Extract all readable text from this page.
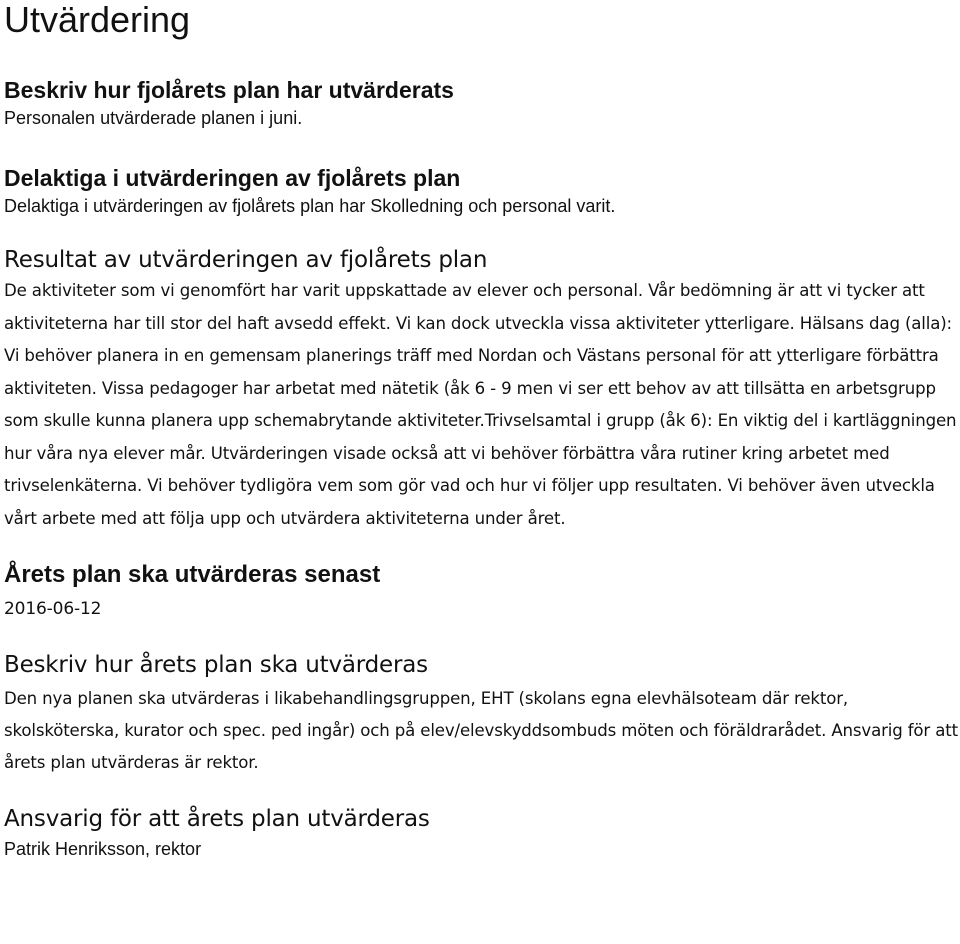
Utvärdering
Beskriv hur fjolårets plan har utvärderats

Personalen utvärderade planen i juni.

Delaktiga i utvärderingen av fjolårets plan

Delaktiga i utvärderingen av fjolårets plan har Skolledning och personal varit.

Resultat av utvärderingen av fjolårets plan

De aktiviteter som vi genomfört har varit uppskattade av elever och personal. Vår bedömning är att vi tycker att aktiviteterna har till stor del haft avsedd effekt. Vi kan dock utveckla vissa aktiviteter ytterligare. Hälsans dag (alla): Vi behöver planera in en gemensam planerings träff med Nordan och Västans personal för att ytterligare förbättra aktiviteten. Vissa pedagoger har arbetat med nätetik (åk 6 - 9 men vi ser ett behov av att tillsätta en arbetsgrupp som skulle kunna planera upp schemabrytande aktiviteter.Trivselsamtal i grupp (åk 6): En viktig del i kartläggningen hur våra nya elever mår. Utvärderingen visade också att vi behöver förbättra våra rutiner kring arbetet med trivselenkäterna. Vi behöver tydligöra vem som gör vad och hur vi följer upp resultaten. Vi behöver även utveckla vårt arbete med att följa upp och utvärdera aktiviteterna under året.

Årets plan ska utvärderas senast

2016-06-12

Beskriv hur årets plan ska utvärderas

Den nya planen ska utvärderas i likabehandlingsgruppen, EHT (skolans egna elevhälsoteam där rektor, skolsköterska, kurator och spec. ped ingår) och på elev/elevskyddsombuds möten och föräldrarådet. Ansvarig för att årets plan utvärderas är rektor.

Ansvarig för att årets plan utvärderas

Patrik Henriksson, rektor
